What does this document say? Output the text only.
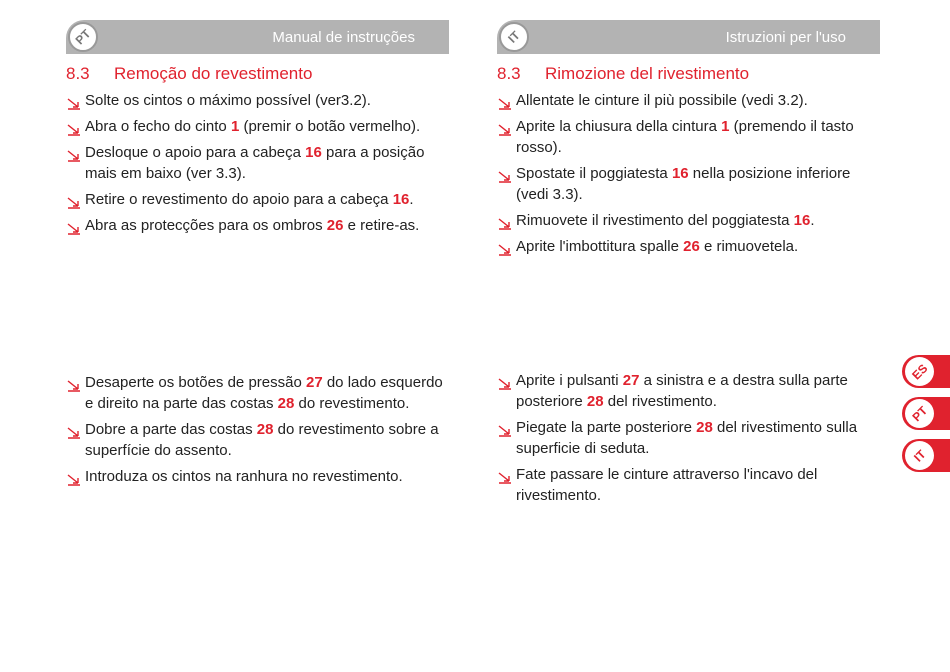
PT	Manual de instruções
8.3	Remoção do revestimento
Solte os cintos o máximo possível (ver3.2).
Abra o fecho do cinto 1 (premir o botão vermelho).
Desloque o apoio para a cabeça 16 para a posição mais em baixo (ver 3.3).
Retire o revestimento do apoio para a cabeça 16.
Abra as protecções para os ombros 26 e retire-as.
Desaperte os botões de pressão 27 do lado esquerdo e direito na parte das costas 28 do revestimento.
Dobre a parte das costas 28 do revestimento sobre a superfície do assento.
Introduza os cintos na ranhura no revestimento.
IT	Istruzioni per l'uso
8.3	Rimozione del rivestimento
Allentate le cinture il più possibile (vedi 3.2).
Aprite la chiusura della cintura 1 (premendo il tasto rosso).
Spostate il poggiatesta 16 nella posizione inferiore (vedi 3.3).
Rimuovete il rivestimento del poggiatesta 16.
Aprite l'imbottitura spalle 26 e rimuovetela.
Aprite i pulsanti 27 a sinistra e a destra sulla parte posteriore 28 del rivestimento.
Piegate la parte posteriore 28 del rivestimento sulla superficie di seduta.
Fate passare le cinture attraverso l'incavo del rivestimento.
ES
PT
IT
